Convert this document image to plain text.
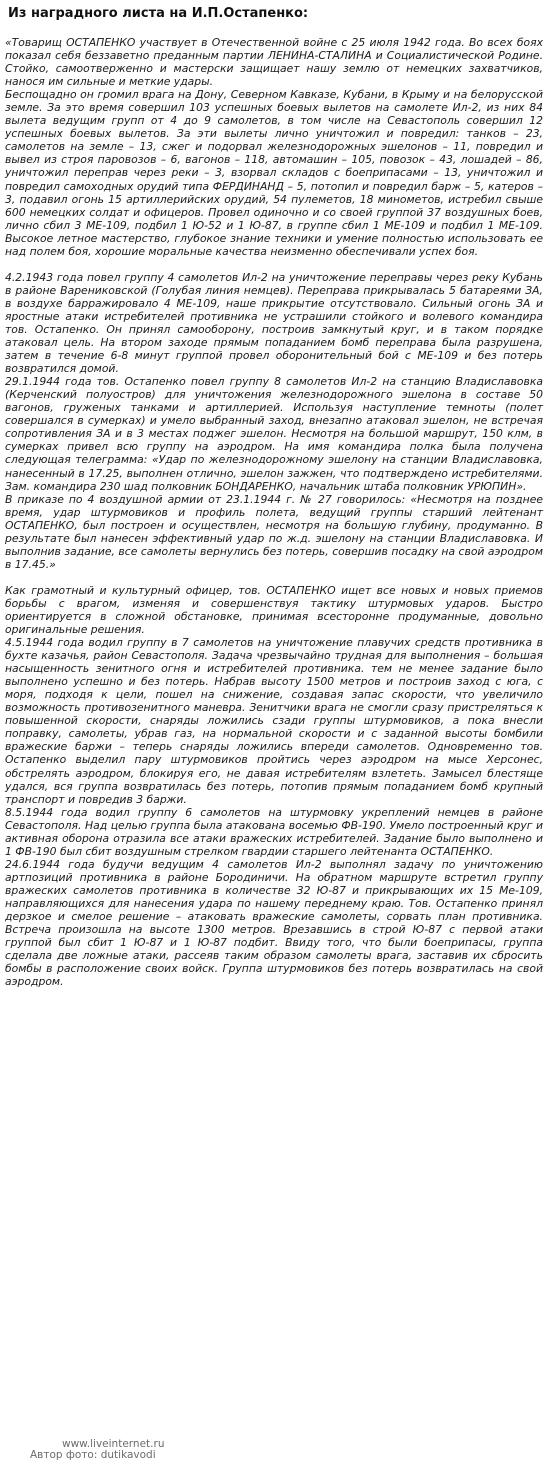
Из наградного листа на И.П.Остапенко:

«Товарищ ОСТАПЕНКО участвует в Отечественной войне с 25 июля 1942 года. Во всех боях показал себя беззаветно преданным партии ЛЕНИНА-СТАЛИНА и Социалистической Родине. Стойко, самоотверженно и мастерски защищает нашу землю от немецких захватчиков, нанося им сильные и меткие удары.

Беспощадно он громил врага на Дону, Северном Кавказе, Кубани, в Крыму и на белорусской земле. За это время совершил 103 успешных боевых вылетов на самолете Ил-2, из них 84 вылета ведущим групп от 4 до 9 самолетов, в том числе на Севастополь совершил 12 успешных боевых вылетов. За эти вылеты лично уничтожил и повредил: танков – 23, самолетов на земле – 13, сжег и подорвал железнодорожных эшелонов – 11, повредил и вывел из строя паровозов – 6, вагонов – 118, автомашин – 105, повозок – 43, лошадей – 86, уничтожил переправ через реки – 3, взорвал складов с боеприпасами – 13, уничтожил и повредил самоходных орудий типа ФЕРДИНАНД – 5, потопил и повредил барж – 5, катеров – 3, подавил огонь 15 артиллерийских орудий, 54 пулеметов, 18 минометов, истребил свыше 600 немецких солдат и офицеров. Провел одиночно и со своей группой 37 воздушных боев, лично сбил 3 МЕ-109, подбил 1 Ю-52 и 1 Ю-87, в группе сбил 1 МЕ-109 и подбил 1 МЕ-109. Высокое летное мастерство, глубокое знание техники и умение полностью использовать ее над полем боя, хорошие моральные качества неизменно обеспечивали успех боя.

4.2.1943 года повел группу 4 самолетов Ил-2 на уничтожение переправы через реку Кубань в районе Варениковской (Голубая линия немцев). Переправа прикрывалась 5 батареями ЗА, в воздухе барражировало 4 МЕ-109, наше прикрытие отсутствовало. Сильный огонь ЗА и яростные атаки истребителей противника не устрашили стойкого и волевого командира тов. Остапенко. Он принял самооборону, построив замкнутый круг, и в таком порядке атаковал цель. На втором заходе прямым попаданием бомб переправа была разрушена, затем в течение 6-8 минут группой провел оборонительный бой с МЕ-109 и без потерь возвратился домой.

29.1.1944 года тов. Остапенко повел группу 8 самолетов Ил-2 на станцию Владиславовка (Керченский полуостров) для уничтожения железнодорожного эшелона в составе 50 вагонов, груженых танками и артиллерией. Используя наступление темноты (полет совершался в сумерках) и умело выбранный заход, внезапно атаковал эшелон, не встречая сопротивления ЗА и в 3 местах поджег эшелон. Несмотря на большой маршрут, 150 клм, в сумерках привел всю группу на аэродром. На имя командира полка была получена следующая телеграмма: «Удар по железнодорожному эшелону на станции Владиславовка, нанесенный в 17.25, выполнен отлично, эшелон зажжен, что подтверждено истребителями. Зам. командира 230 шад полковник БОНДАРЕНКО, начальник штаба полковник УРЮПИН».

В приказе по 4 воздушной армии от 23.1.1944 г. № 27 говорилось: «Несмотря на позднее время, удар штурмовиков и профиль полета, ведущий группы старший лейтенант ОСТАПЕНКО, был построен и осуществлен, несмотря на большую глубину, продуманно. В результате был нанесен эффективный удар по ж.д. эшелону на станции Владиславовка. И выполнив задание, все самолеты вернулись без потерь, совершив посадку на свой аэродром в 17.45.»

Как грамотный и культурный офицер, тов. ОСТАПЕНКО ищет все новых и новых приемов борьбы с врагом, изменяя и совершенствуя тактику штурмовых ударов. Быстро ориентируется в сложной обстановке, принимая всесторонне продуманные, довольно оригинальные решения.

4.5.1944 года водил группу в 7 самолетов на уничтожение плавучих средств противника в бухте казачья, район Севастополя. Задача чрезвычайно трудная для выполнения – большая насыщенность зенитного огня и истребителей противника. тем не менее задание было выполнено успешно и без потерь. Набрав высоту 1500 метров и построив заход с юга, с моря, подходя к цели, пошел на снижение, создавая запас скорости, что увеличило возможность противозенитного маневра. Зенитчики врага не смогли сразу пристреляться к повышенной скорости, снаряды ложились сзади группы штурмовиков, а пока внесли поправку, самолеты, убрав газ, на нормальной скорости и с заданной высоты бомбили вражеские баржи – теперь снаряды ложились впереди самолетов. Одновременно тов. Остапенко выделил пару штурмовиков пройтись через аэродром на мысе Херсонес, обстрелять аэродром, блокируя его, не давая истребителям взлететь. Замысел блестяще удался, вся группа возвратилась без потерь, потопив прямым попаданием бомб крупный транспорт и повредив 3 баржи.

8.5.1944 года водил группу 6 самолетов на штурмовку укреплений немцев в районе Севастополя. Над целью группа была атакована восемью ФВ-190. Умело построенный круг и активная оборона отразила все атаки вражеских истребителей. Задание было выполнено и 1 ФВ-190 был сбит воздушным стрелком гвардии старшего лейтенанта ОСТАПЕНКО.

24.6.1944 года будучи ведущим 4 самолетов Ил-2 выполнял задачу по уничтожению артпозиций противника в районе Бородиничи. На обратном маршруте встретил группу вражеских самолетов противника в количестве 32 Ю-87 и прикрывающих их 15 Ме-109, направляющихся для нанесения удара по нашему переднему краю. Тов. Остапенко принял дерзкое и смелое решение – атаковать вражеские самолеты, сорвать план противника. Встреча произошла на высоте 1300 метров. Врезавшись в строй Ю-87 с первой атаки группой был сбит 1 Ю-87 и 1 Ю-87 подбит. Ввиду того, что были боеприпасы, группа сделала две ложные атаки, рассеяв таким образом самолеты врага, заставив их сбросить бомбы в расположение своих войск. Группа штурмовиков без потерь возвратилась на свой аэродром.

www.liveinternet.ru
Автор фото: dutikavodi
